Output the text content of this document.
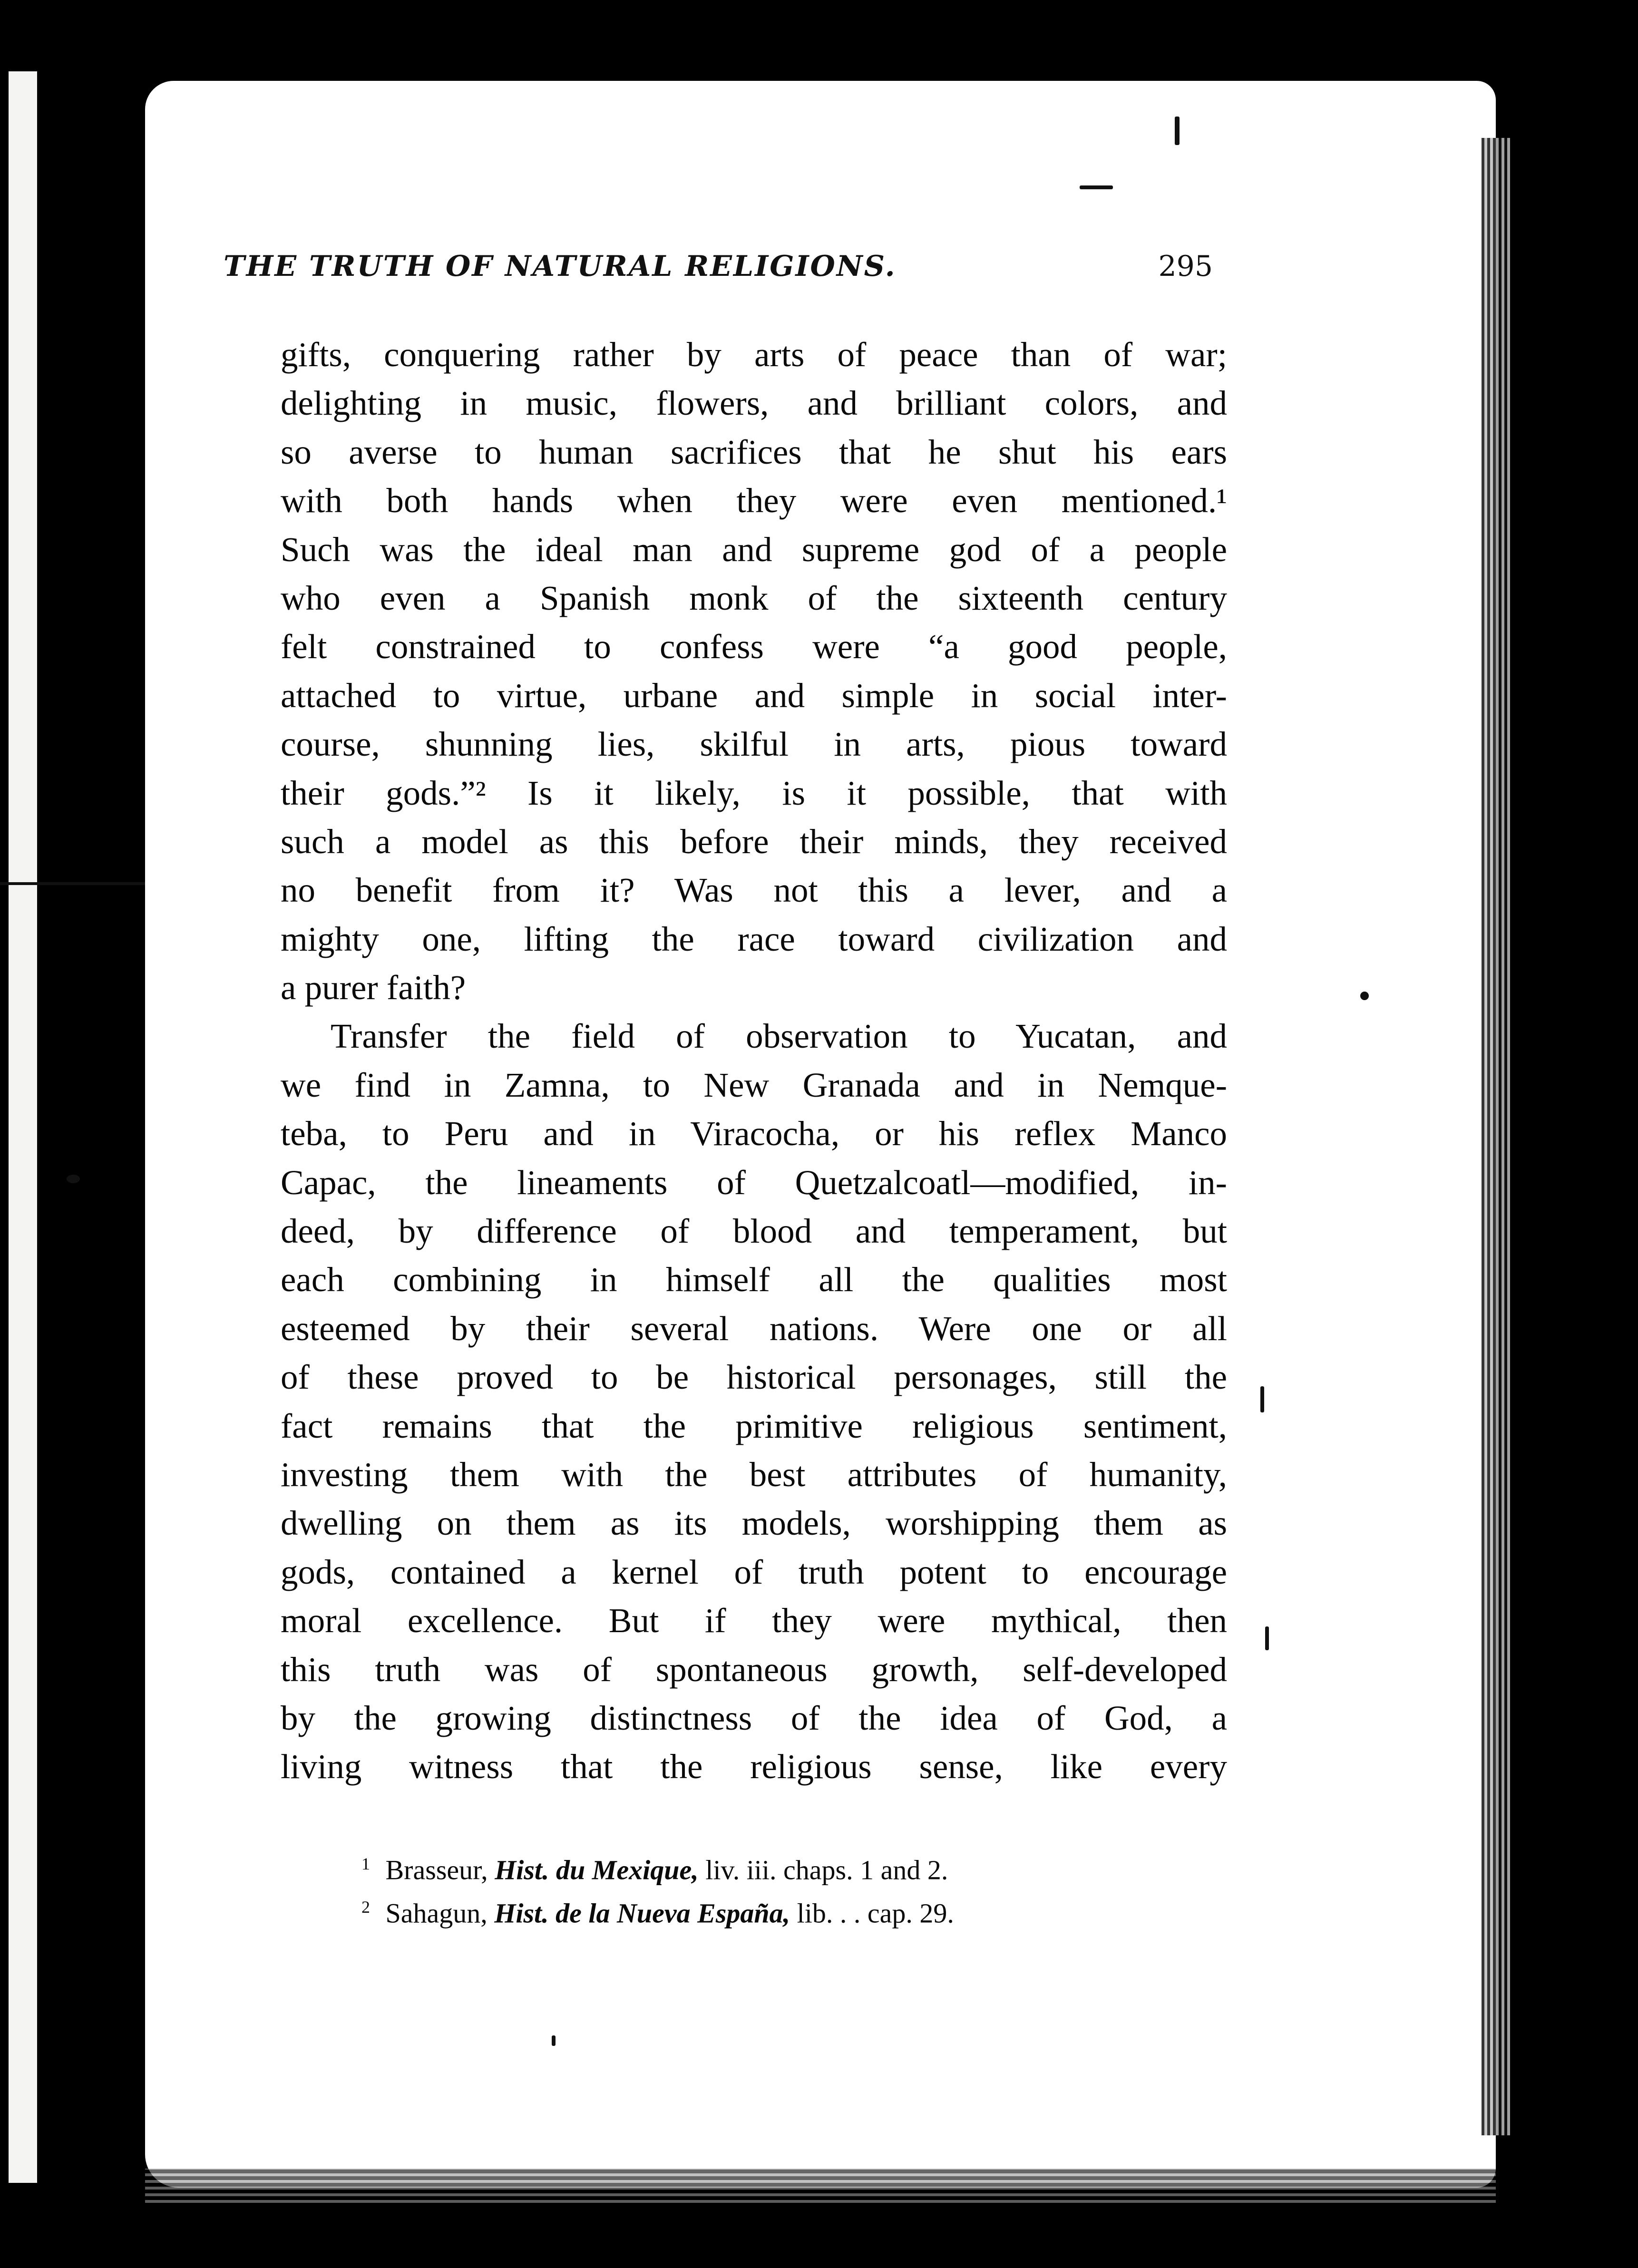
THE TRUTH OF NATURAL RELIGIONS.	295
gifts, conquering rather by arts of peace than of war;
delighting in music, flowers, and brilliant colors, and
so averse to human sacrifices that he shut his ears
with both hands when they were even mentioned.¹
Such was the ideal man and supreme god of a people
who even a Spanish monk of the sixteenth century
felt constrained to confess were “a good people,
attached to virtue, urbane and simple in social inter-
course, shunning lies, skilful in arts, pious toward
their gods.”² Is it likely, is it possible, that with
such a model as this before their minds, they received
no benefit from it? Was not this a lever, and a
mighty one, lifting the race toward civilization and
a purer faith?
Transfer the field of observation to Yucatan, and
we find in Zamna, to New Granada and in Nemque-
teba, to Peru and in Viracocha, or his reflex Manco
Capac, the lineaments of Quetzalcoatl—modified, in-
deed, by difference of blood and temperament, but
each combining in himself all the qualities most
esteemed by their several nations. Were one or all
of these proved to be historical personages, still the
fact remains that the primitive religious sentiment,
investing them with the best attributes of humanity,
dwelling on them as its models, worshipping them as
gods, contained a kernel of truth potent to encourage
moral excellence. But if they were mythical, then
this truth was of spontaneous growth, self-developed
by the growing distinctness of the idea of God, a
living witness that the religious sense, like every
$^1$ Brasseur, Hist. du Mexique, liv. iii. chaps. 1 and 2.
$^2$ Sahagun, Hist. de la Nueva España, lib. . . cap. 29.
